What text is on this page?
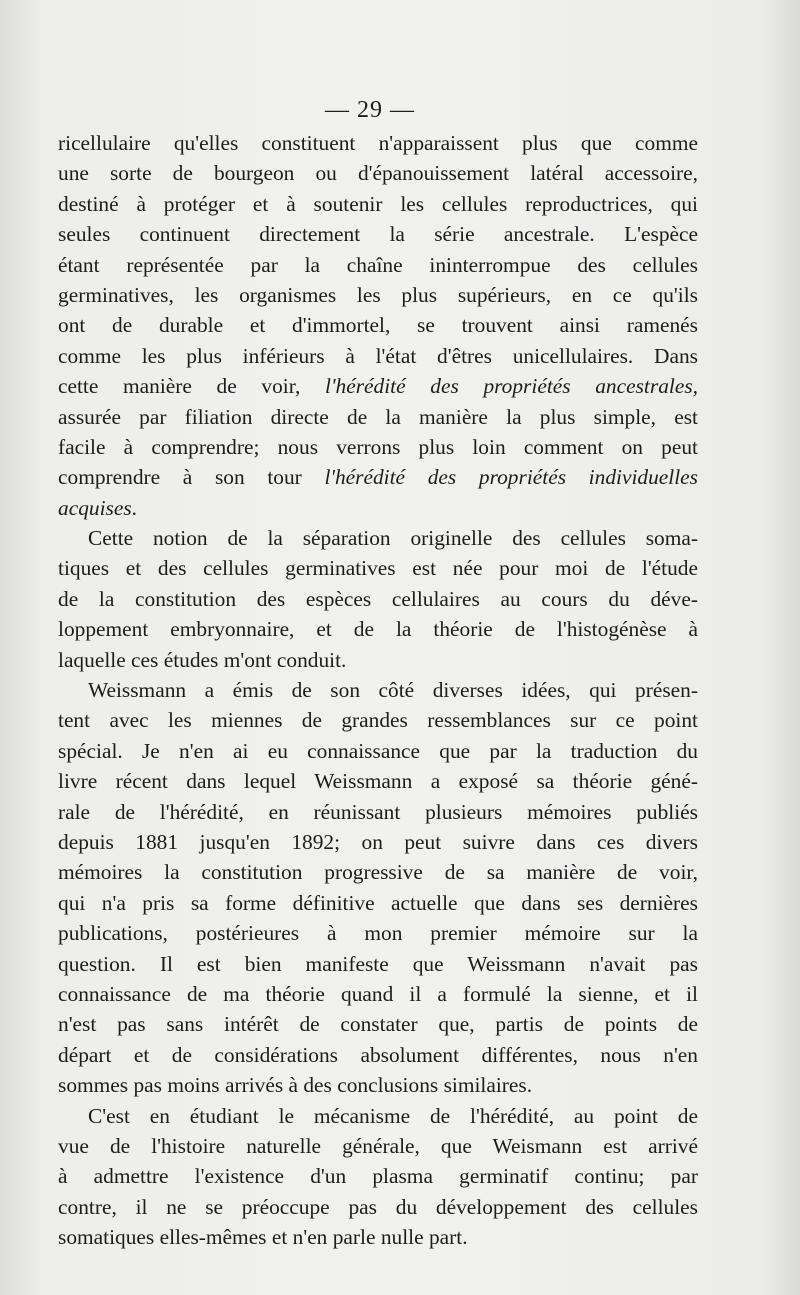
— 29 —
ricellulaire qu'elles constituent n'apparaissent plus que comme
une sorte de bourgeon ou d'épanouissement latéral accessoire,
destiné à protéger et à soutenir les cellules reproductrices, qui
seules continuent directement la série ancestrale. L'espèce
étant représentée par la chaîne ininterrompue des cellules
germinatives, les organismes les plus supérieurs, en ce qu'ils
ont de durable et d'immortel, se trouvent ainsi ramenés
comme les plus inférieurs à l'état d'êtres unicellulaires. Dans
cette manière de voir, l'hérédité des propriétés ancestrales,
assurée par filiation directe de la manière la plus simple, est
facile à comprendre; nous verrons plus loin comment on peut
comprendre à son tour l'hérédité des propriétés individuelles
acquises.
Cette notion de la séparation originelle des cellules soma-
tiques et des cellules germinatives est née pour moi de l'étude
de la constitution des espèces cellulaires au cours du déve-
loppement embryonnaire, et de la théorie de l'histogénèse à
laquelle ces études m'ont conduit.
Weissmann a émis de son côté diverses idées, qui présen-
tent avec les miennes de grandes ressemblances sur ce point
spécial. Je n'en ai eu connaissance que par la traduction du
livre récent dans lequel Weissmann a exposé sa théorie géné-
rale de l'hérédité, en réunissant plusieurs mémoires publiés
depuis 1881 jusqu'en 1892; on peut suivre dans ces divers
mémoires la constitution progressive de sa manière de voir,
qui n'a pris sa forme définitive actuelle que dans ses dernières
publications, postérieures à mon premier mémoire sur la
question. Il est bien manifeste que Weissmann n'avait pas
connaissance de ma théorie quand il a formulé la sienne, et il
n'est pas sans intérêt de constater que, partis de points de
départ et de considérations absolument différentes, nous n'en
sommes pas moins arrivés à des conclusions similaires.
C'est en étudiant le mécanisme de l'hérédité, au point de
vue de l'histoire naturelle générale, que Weismann est arrivé
à admettre l'existence d'un plasma germinatif continu; par
contre, il ne se préoccupe pas du développement des cellules
somatiques elles-mêmes et n'en parle nulle part.
